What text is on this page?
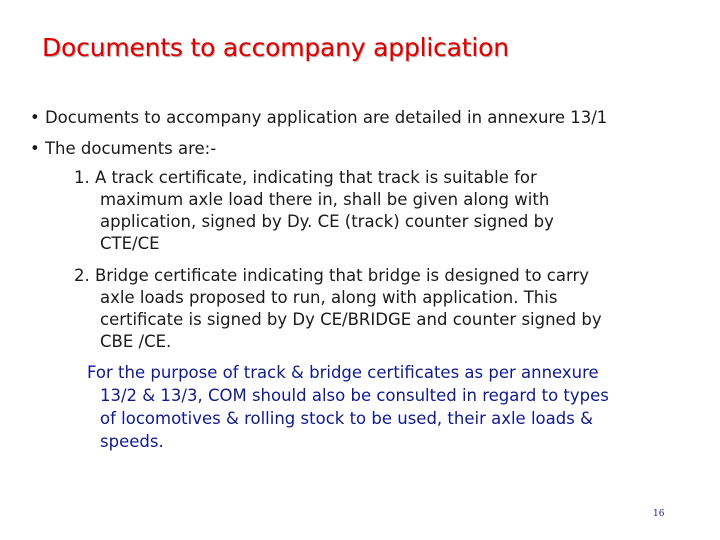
Documents to accompany application
• Documents to accompany application are detailed in annexure 13/1
• The documents are:-
1. A track certificate, indicating that track is suitable for
maximum axle load there in, shall be given along with
application, signed by Dy. CE (track) counter signed by
CTE/CE
2. Bridge certificate indicating that bridge is designed to carry
axle loads proposed to run, along with application. This
certificate is signed by Dy CE/BRIDGE and counter signed by
CBE /CE.
For the purpose of track & bridge certificates as per annexure
13/2 & 13/3, COM should also be consulted in regard to types
of locomotives & rolling stock to be used, their axle loads &
speeds.
16
